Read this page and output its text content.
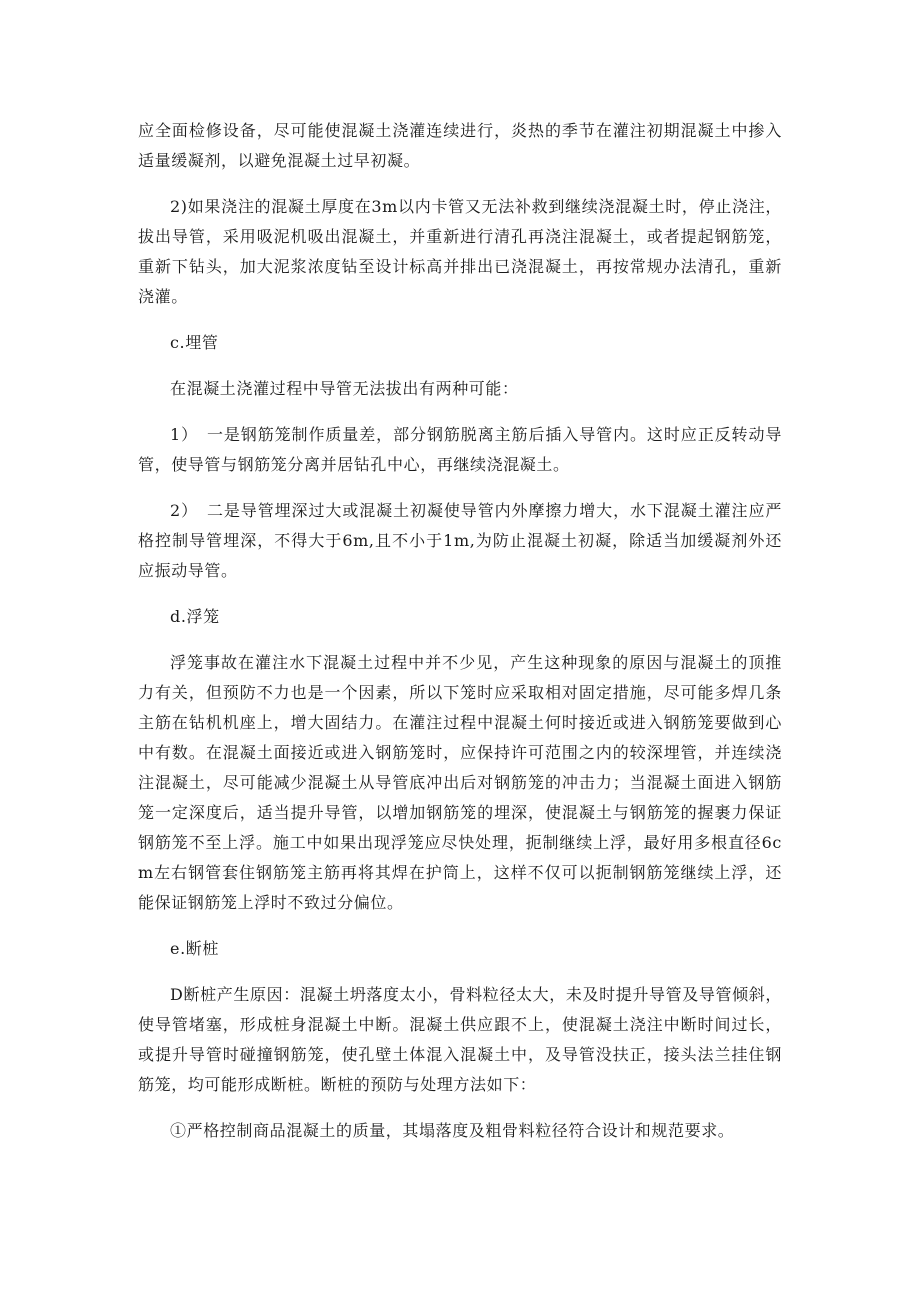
应全面检修设备，尽可能使混凝土浇灌连续进行，炎热的季节在灌注初期混凝土中掺入适量缓凝剂，以避免混凝土过早初凝。

2)如果浇注的混凝土厚度在3m以内卡管又无法补救到继续浇混凝土时，停止浇注，拔出导管，采用吸泥机吸出混凝土，并重新进行清孔再浇注混凝土，或者提起钢筋笼，重新下钻头，加大泥浆浓度钻至设计标高并排出已浇混凝土，再按常规办法清孔，重新浇灌。

c.埋管

在混凝土浇灌过程中导管无法拔出有两种可能：

1）　一是钢筋笼制作质量差，部分钢筋脱离主筋后插入导管内。这时应正反转动导管，使导管与钢筋笼分离并居钻孔中心，再继续浇混凝土。

2）　二是导管埋深过大或混凝土初凝使导管内外摩擦力增大，水下混凝土灌注应严格控制导管埋深，不得大于6m,且不小于1m,为防止混凝土初凝，除适当加缓凝剂外还应振动导管。

d.浮笼

浮笼事故在灌注水下混凝土过程中并不少见，产生这种现象的原因与混凝土的顶推力有关，但预防不力也是一个因素，所以下笼时应采取相对固定措施，尽可能多焊几条主筋在钻机机座上，增大固结力。在灌注过程中混凝土何时接近或进入钢筋笼要做到心中有数。在混凝土面接近或进入钢筋笼时，应保持许可范围之内的较深埋管，并连续浇注混凝土，尽可能减少混凝土从导管底冲出后对钢筋笼的冲击力；当混凝土面进入钢筋笼一定深度后，适当提升导管，以增加钢筋笼的埋深，使混凝土与钢筋笼的握裹力保证钢筋笼不至上浮。施工中如果出现浮笼应尽快处理，扼制继续上浮，最好用多根直径6cm左右钢管套住钢筋笼主筋再将其焊在护筒上，这样不仅可以扼制钢筋笼继续上浮，还能保证钢筋笼上浮时不致过分偏位。

e.断桩

D断桩产生原因：混凝土坍落度太小，骨料粒径太大，未及时提升导管及导管倾斜，使导管堵塞，形成桩身混凝土中断。混凝土供应跟不上，使混凝土浇注中断时间过长，或提升导管时碰撞钢筋笼，使孔壁土体混入混凝土中，及导管没扶正，接头法兰挂住钢筋笼，均可能形成断桩。断桩的预防与处理方法如下：

①严格控制商品混凝土的质量，其塌落度及粗骨料粒径符合设计和规范要求。
